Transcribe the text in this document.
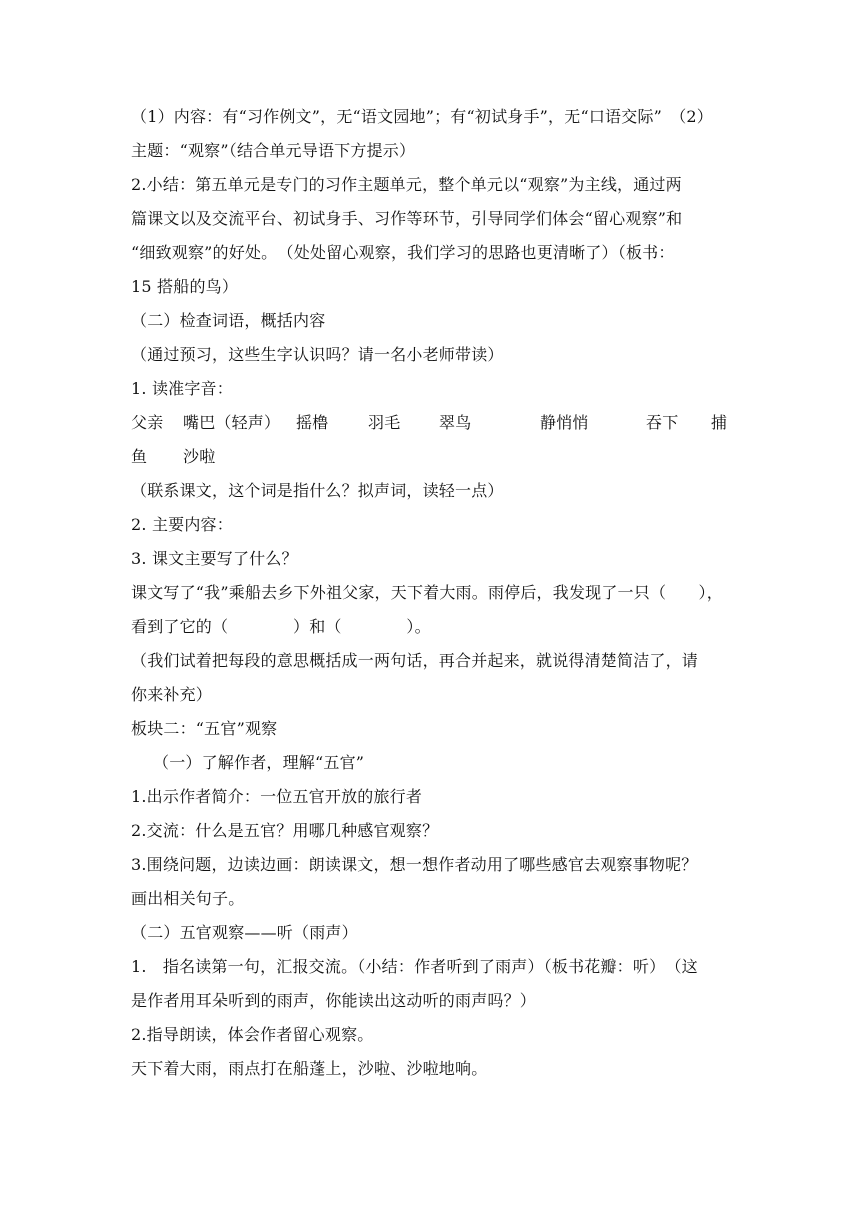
（1）内容：有“习作例文”，无“语文园地”；有“初试身手”，无“口语交际”　（2）
主题：“观察”（结合单元导语下方提示）
2.小结：第五单元是专门的习作主题单元，整个单元以“观察”为主线，通过两
篇课文以及交流平台、初试身手、习作等环节，引导同学们体会“留心观察”和
“细致观察”的好处。　（处处留心观察，我们学习的思路也更清晰了）（板书：
15 搭船的鸟）
（二）检查词语，概括内容
（通过预习，这些生字认识吗？请一名小老师带读）
1. 读准字音：
父亲 嘴巴（轻声） 摇橹 羽毛 翠鸟	静悄悄	吞下 捕
鱼 沙啦
（联系课文，这个词是指什么？拟声词，读轻一点）
2. 主要内容：
3. 课文主要写了什么？
课文写了“我”乘船去乡下外祖父家，天下着大雨。雨停后，我发现了一只（　　），
看到了它的（　　　　）和（　　　　）。
（我们试着把每段的意思概括成一两句话，再合并起来，就说得清楚简洁了，请
你来补充）
板块二：“五官”观察
（一）了解作者，理解“五官”
1.出示作者简介：一位五官开放的旅行者
2.交流：什么是五官？用哪几种感官观察？
3.围绕问题，边读边画：朗读课文，想一想作者动用了哪些感官去观察事物呢？
画出相关句子。
（二）五官观察——听（雨声）
1.　指名读第一句，汇报交流。（小结：作者听到了雨声）（板书花瓣：听）　（这
是作者用耳朵听到的雨声，你能读出这动听的雨声吗？）
2.指导朗读，体会作者留心观察。
天下着大雨，雨点打在船蓬上，沙啦、沙啦地响。
